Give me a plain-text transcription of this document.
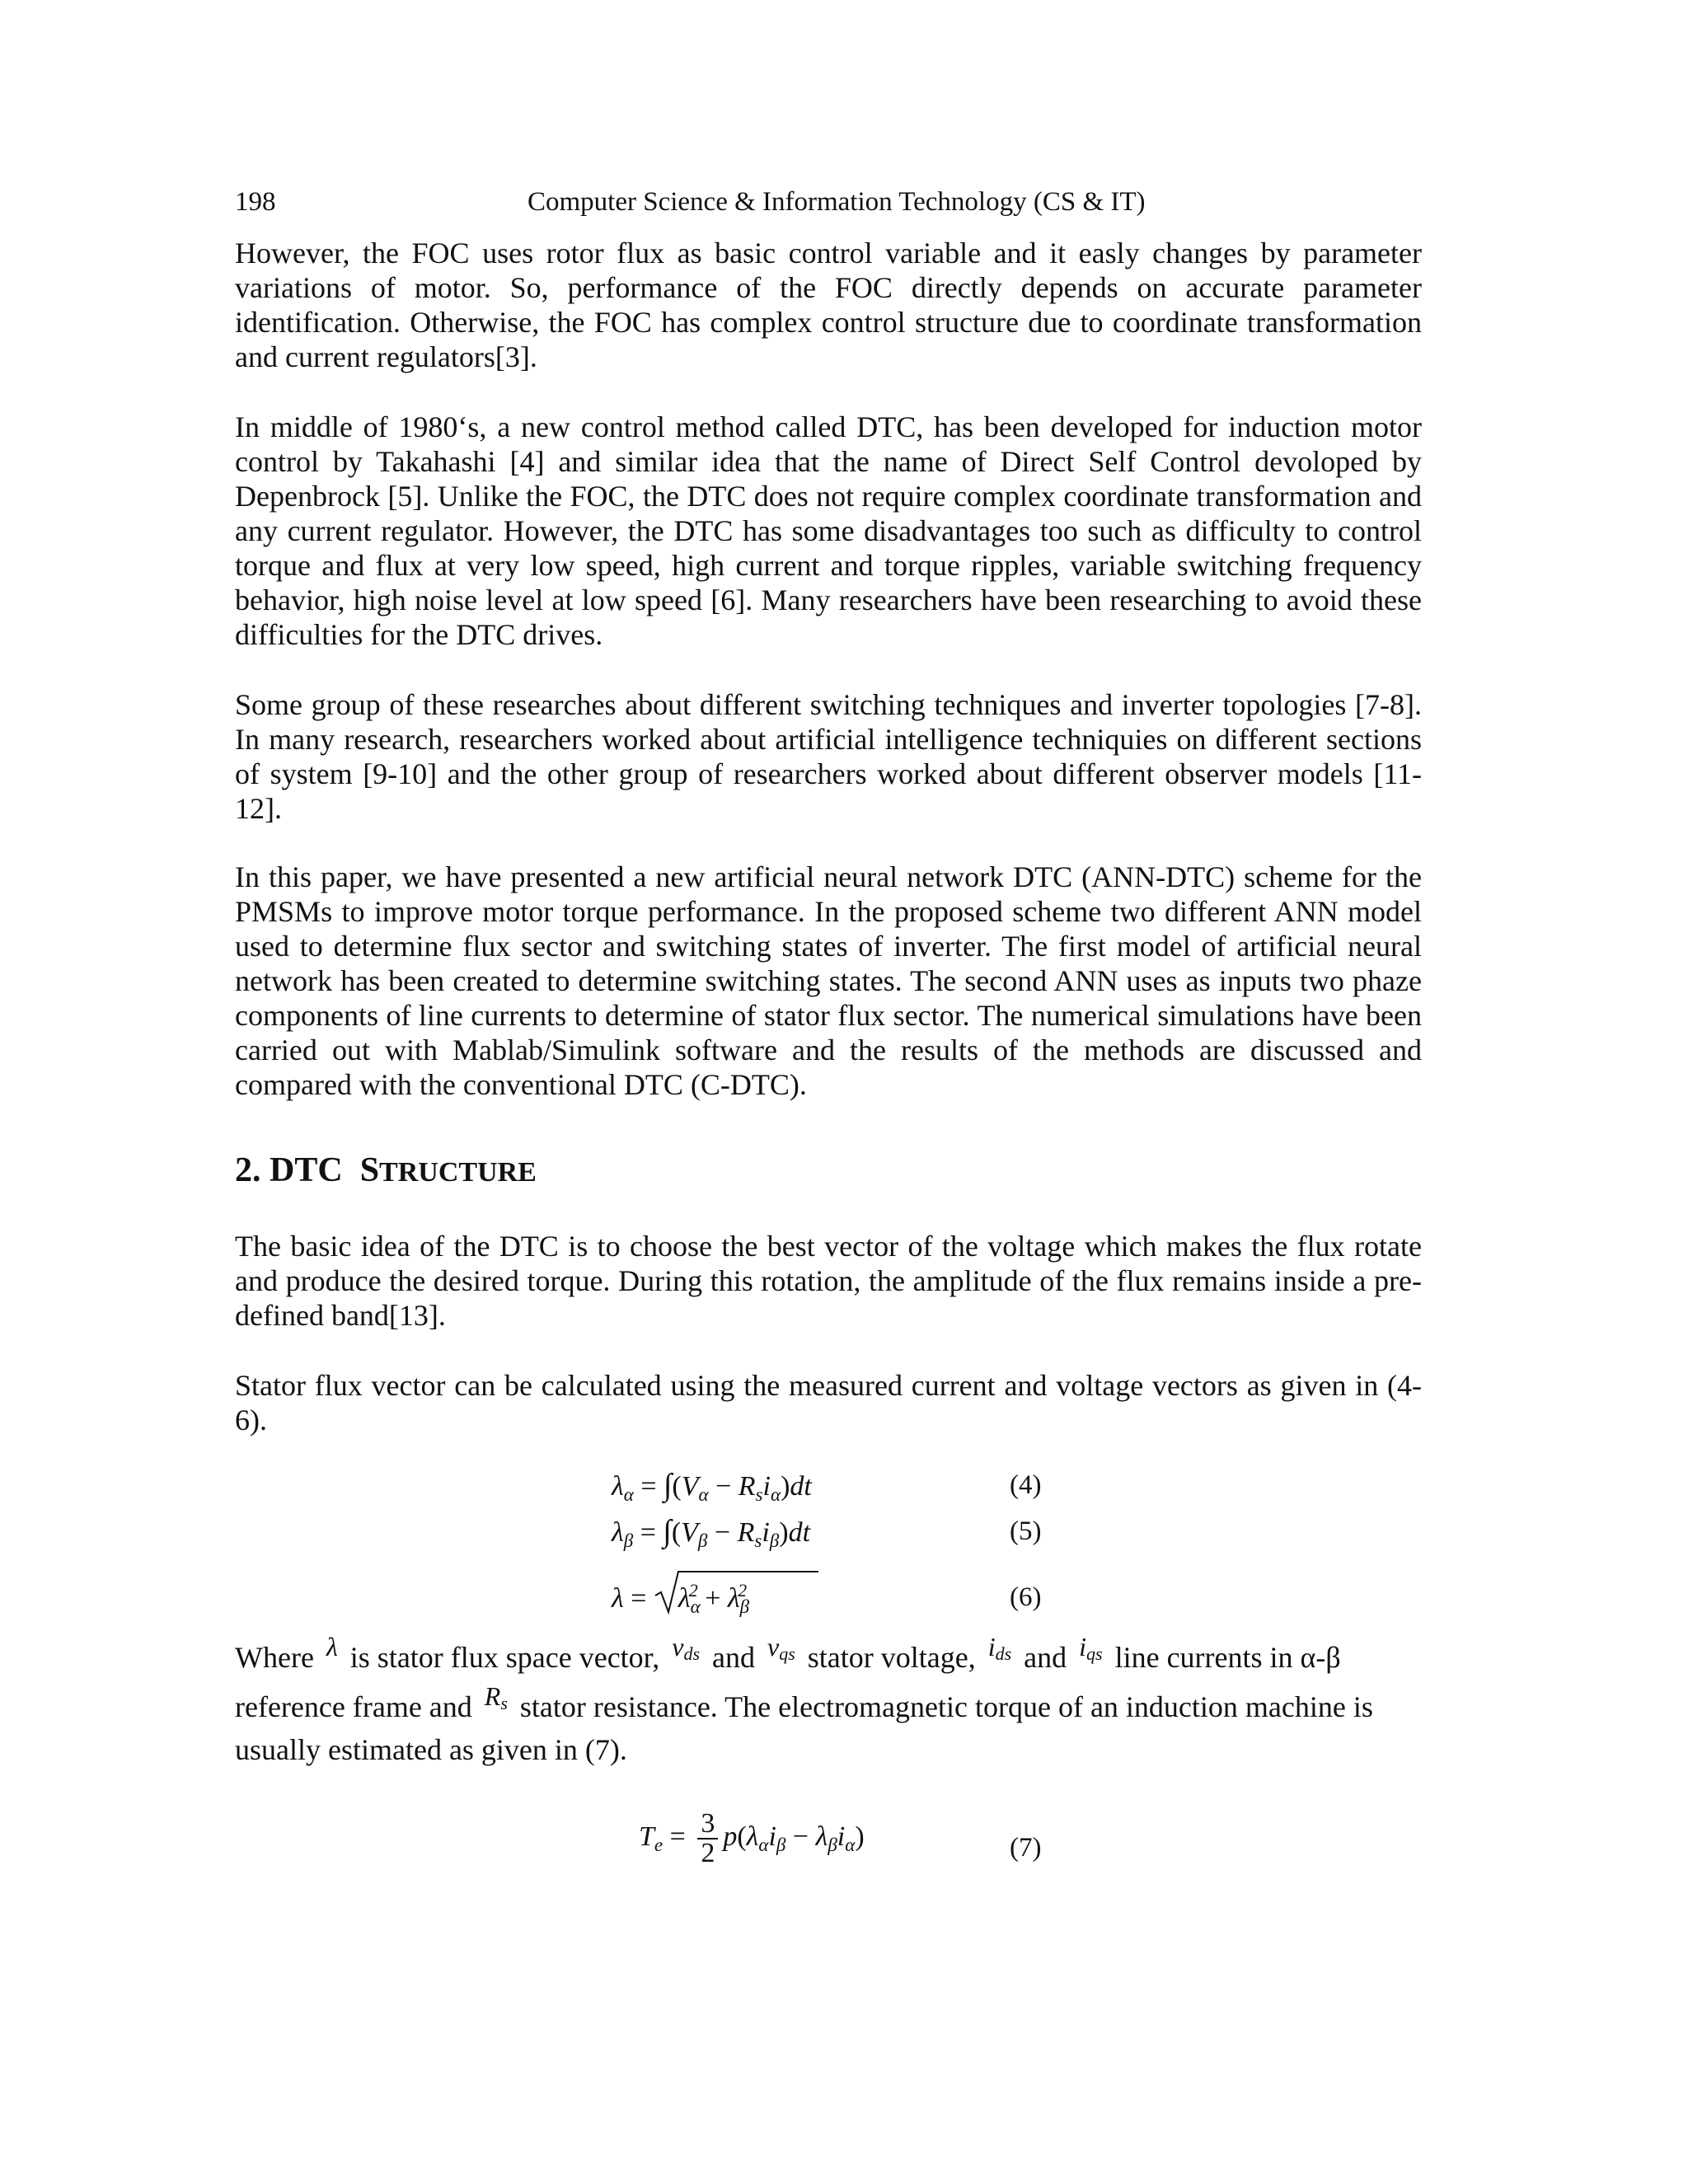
198	Computer Science & Information Technology (CS & IT)

However, the FOC uses rotor flux as basic control variable and it easly changes by parameter variations of motor. So, performance of the FOC directly depends on accurate parameter identification. Otherwise, the FOC has complex control structure due to coordinate transformation and current regulators[3].

In middle of 1980‘s, a new control method called DTC, has been developed for induction motor control by Takahashi [4] and similar idea that the name of Direct Self Control devoloped by Depenbrock [5]. Unlike the FOC, the DTC does not require complex coordinate transformation and any current regulator. However, the DTC has some disadvantages too such as difficulty to control torque and flux at very low speed, high current and torque ripples, variable switching frequency behavior, high noise level at low speed [6]. Many researchers have been researching to avoid these difficulties for the DTC drives.

Some group of these researches about different switching techniques and inverter topologies [7-8]. In many research, researchers worked about artificial intelligence techniquies on different sections of system [9-10] and the other group of researchers worked about different observer models [11-12].

In this paper, we have presented a new artificial neural network DTC (ANN-DTC) scheme for the PMSMs to improve motor torque performance. In the proposed scheme two different ANN model used to determine flux sector and switching states of inverter. The first model of artificial neural network has been created to determine switching states. The second ANN uses as inputs two phaze components of line currents to determine of stator flux sector. The numerical simulations have been carried out with Mablab/Simulink software and the results of the methods are discussed and compared with the conventional DTC (C-DTC).

2. DTC STRUCTURE

The basic idea of the DTC is to choose the best vector of the voltage which makes the flux rotate and produce the desired torque. During this rotation, the amplitude of the flux remains inside a pre-defined band[13].

Stator flux vector can be calculated using the measured current and voltage vectors as given in (4-6).

$\lambda_\alpha = \int(V_\alpha - R_si_\alpha)dt$	(4)
$\lambda_\beta = \int(V_\beta - R_si_\beta)dt$	(5)
λ =
$\lambda_\alpha^2 + \lambda_\beta^2$	(6)
Where λ is stator flux space vector, vds and vqs stator voltage, ids and iqs line currents in α-β
reference frame and Rs stator resistance. The electromagnetic torque of an induction machine is
usually estimated as given in (7).
$T_e = \frac{3}{2} p(\lambda_\alpha i_\beta - \lambda_\beta i_\alpha)$	(7)
